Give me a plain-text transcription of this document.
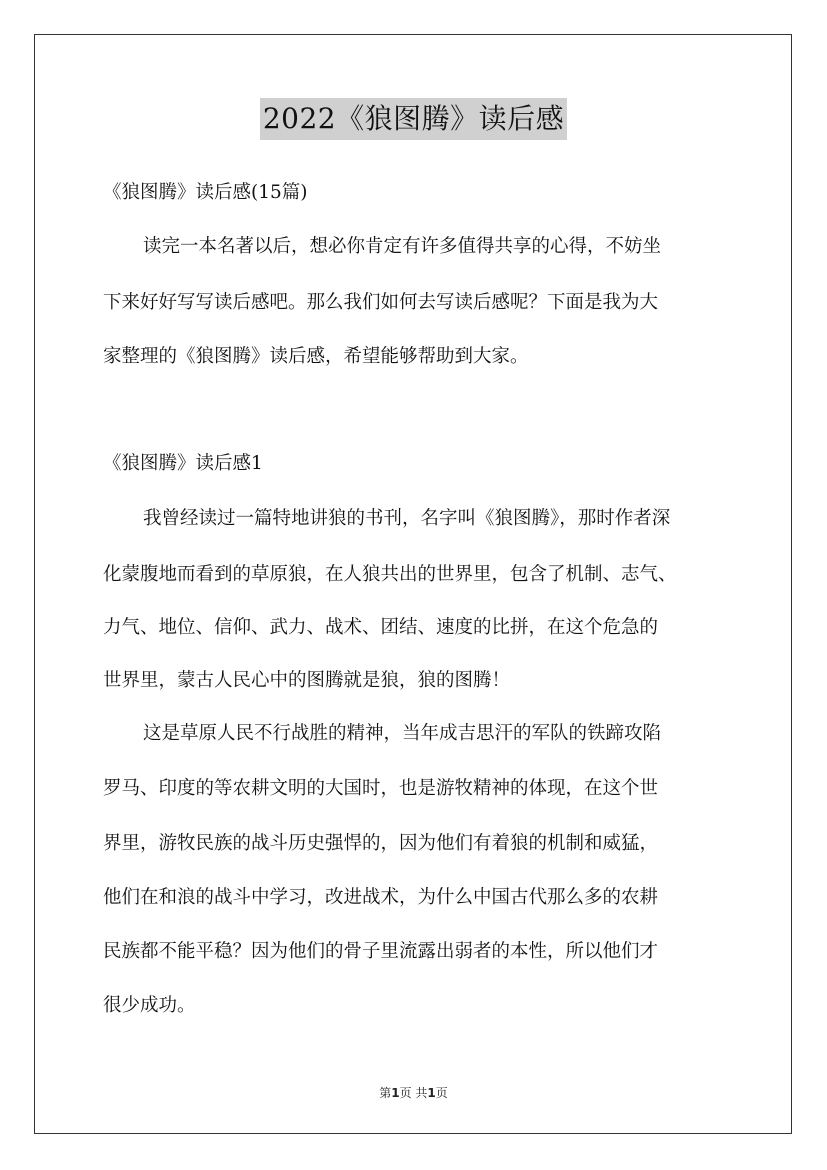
2022《狼图腾》读后感
《狼图腾》读后感(15篇)
读完一本名著以后，想必你肯定有许多值得共享的心得，不妨坐
下来好好写写读后感吧。那么我们如何去写读后感呢？下面是我为大
家整理的《狼图腾》读后感，希望能够帮助到大家。
《狼图腾》读后感1
我曾经读过一篇特地讲狼的书刊，名字叫《狼图腾》，那时作者深
化蒙腹地而看到的草原狼，在人狼共出的世界里，包含了机制、志气、
力气、地位、信仰、武力、战术、团结、速度的比拼，在这个危急的
世界里，蒙古人民心中的图腾就是狼，狼的图腾！
这是草原人民不行战胜的精神，当年成吉思汗的军队的铁蹄攻陷
罗马、印度的等农耕文明的大国时，也是游牧精神的体现，在这个世
界里，游牧民族的战斗历史强悍的，因为他们有着狼的机制和威猛，
他们在和浪的战斗中学习，改进战术，为什么中国古代那么多的农耕
民族都不能平稳？因为他们的骨子里流露出弱者的本性，所以他们才
很少成功。
第1页 共1页
